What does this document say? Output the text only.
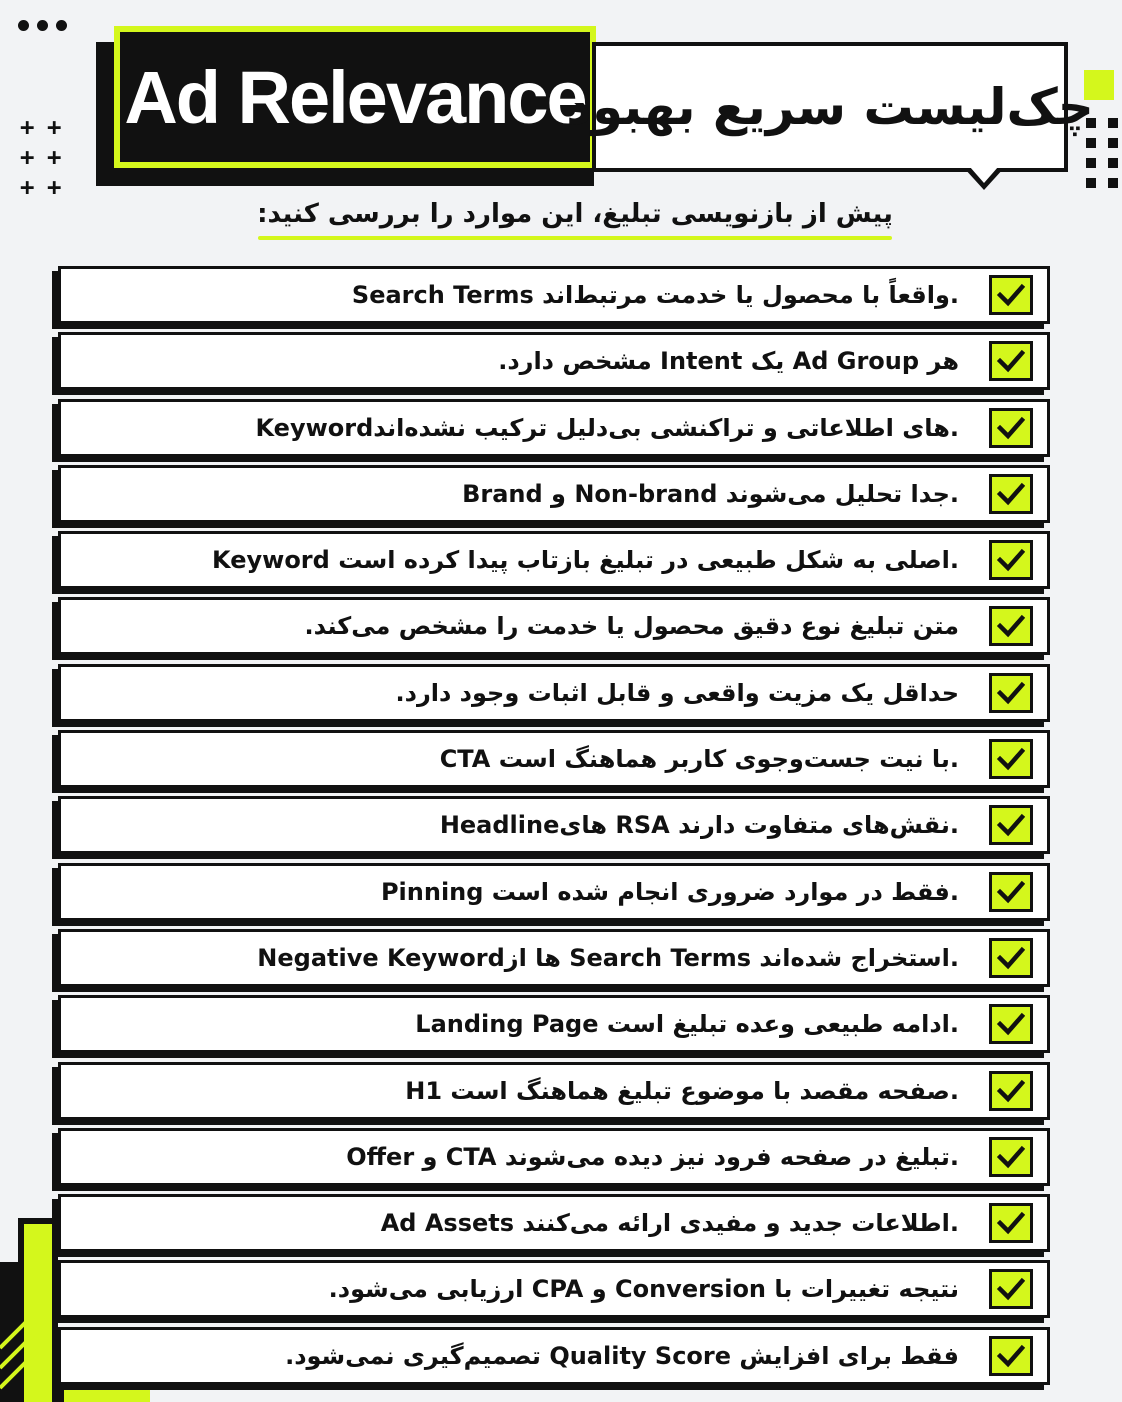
+ +
+ +
+ +
Ad Relevance
چک‌لیست سریع بهبود
پیش از بازنویسی تبلیغ، این موارد را بررسی کنید:
Search Terms واقعاً با محصول یا خدمت مرتبط‌اند.
هر Ad Group یک Intent مشخص دارد.
Keywordهای اطلاعاتی و تراکنشی بی‌دلیل ترکیب نشده‌اند.
Brand و Non-brand جدا تحلیل می‌شوند.
Keyword اصلی به شکل طبیعی در تبلیغ بازتاب پیدا کرده است.
متن تبلیغ نوع دقیق محصول یا خدمت را مشخص می‌کند.
حداقل یک مزیت واقعی و قابل اثبات وجود دارد.
CTA با نیت جست‌وجوی کاربر هماهنگ است.
Headlineهای RSA نقش‌های متفاوت دارند.
Pinning فقط در موارد ضروری انجام شده است.
Negative Keywordها از Search Terms استخراج شده‌اند.
Landing Page ادامه طبیعی وعده تبلیغ است.
H1 صفحه مقصد با موضوع تبلیغ هماهنگ است.
Offer و CTA تبلیغ در صفحه فرود نیز دیده می‌شوند.
Ad Assets اطلاعات جدید و مفیدی ارائه می‌کنند.
نتیجه تغییرات با Conversion و CPA ارزیابی می‌شود.
فقط برای افزایش Quality Score تصمیم‌گیری نمی‌شود.
